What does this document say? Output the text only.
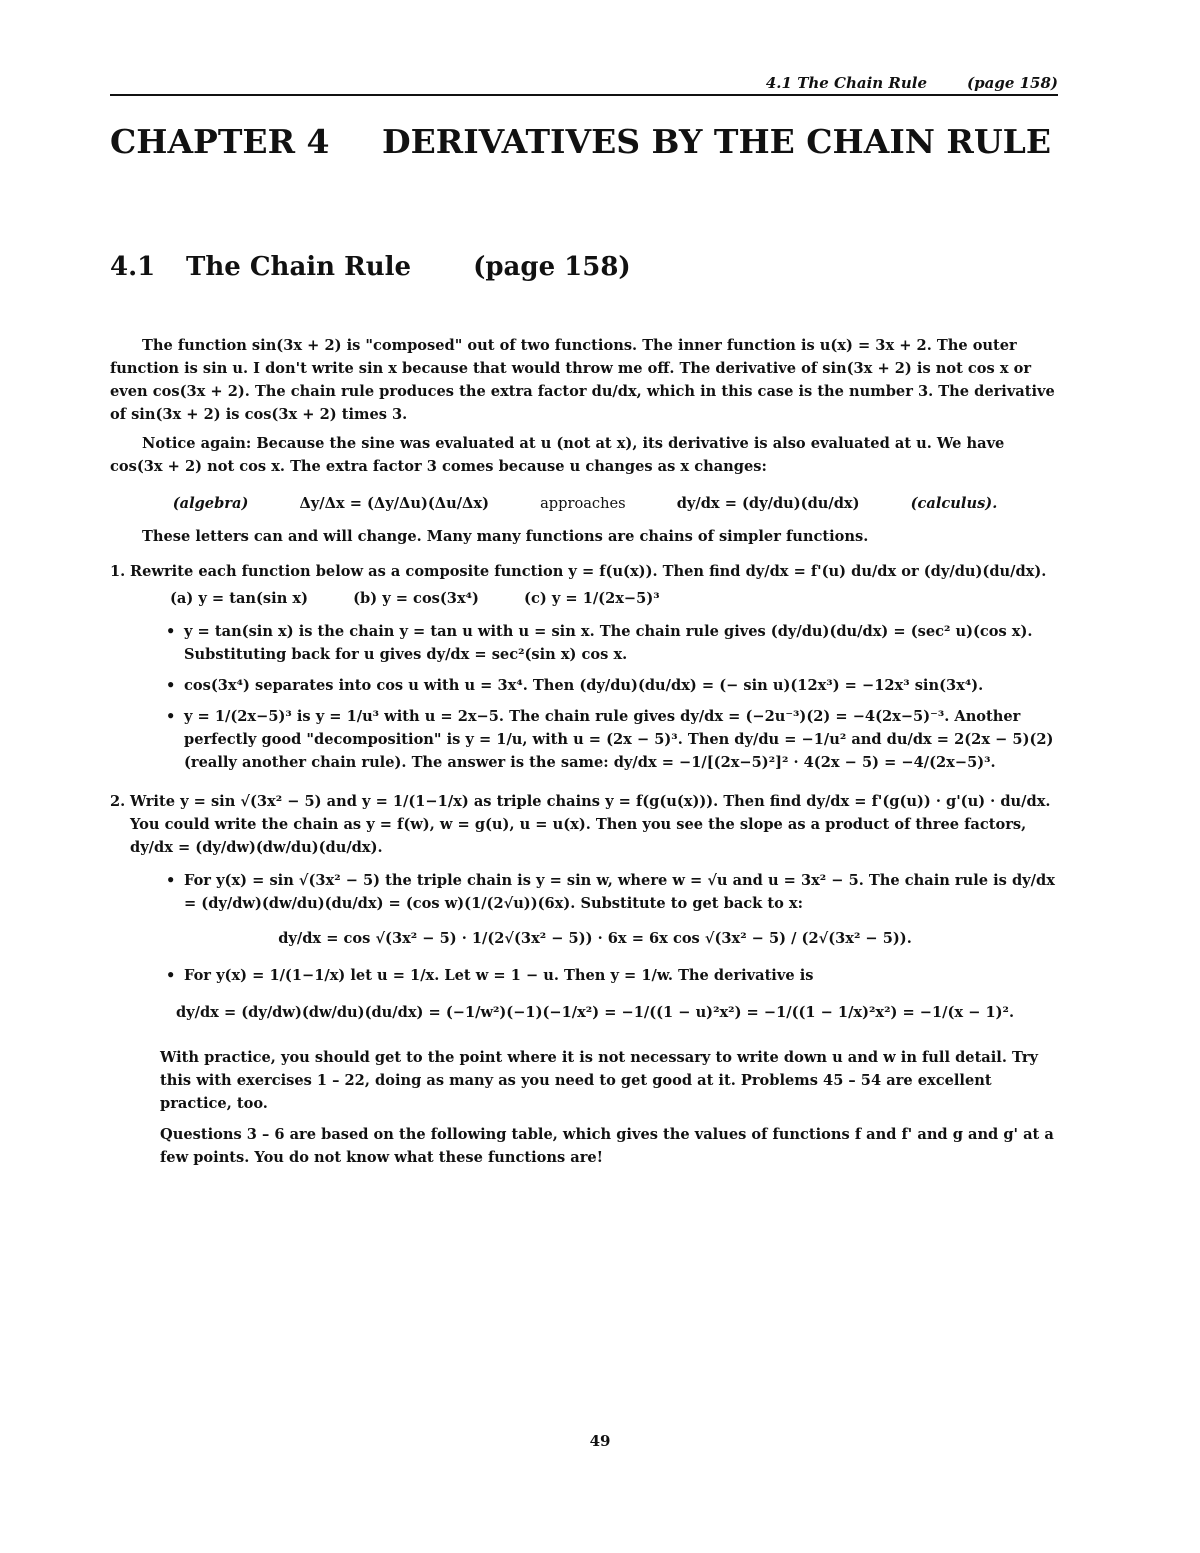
4.1 The Chain Rule	(page 158)
CHAPTER 4 DERIVATIVES BY THE CHAIN RULE
4.1 The Chain Rule (page 158)

The function sin(3x + 2) is "composed" out of two functions. The inner function is u(x) = 3x + 2. The outer function is sin u. I don't write sin x because that would throw me off. The derivative of sin(3x + 2) is not cos x or even cos(3x + 2). The chain rule produces the extra factor du/dx, which in this case is the number 3. The derivative of sin(3x + 2) is cos(3x + 2) times 3.

Notice again: Because the sine was evaluated at u (not at x), its derivative is also evaluated at u. We have cos(3x + 2) not cos x. The extra factor 3 comes because u changes as x changes:

(algebra)	Δy/Δx = (Δy/Δu)(Δu/Δx)	approaches	dy/dx = (dy/du)(du/dx)	(calculus).

These letters can and will change. Many many functions are chains of simpler functions.

1. Rewrite each function below as a composite function y = f(u(x)). Then find dy/dx = f'(u) du/dx or (dy/du)(du/dx).

(a) y = tan(sin x)	(b) y = cos(3x⁴)	(c) y = 1/(2x−5)³
• y = tan(sin x) is the chain y = tan u with u = sin x. The chain rule gives (dy/du)(du/dx) = (sec² u)(cos x). Substituting back for u gives dy/dx = sec²(sin x) cos x.
• cos(3x⁴) separates into cos u with u = 3x⁴. Then (dy/du)(du/dx) = (− sin u)(12x³) = −12x³ sin(3x⁴).
• y = 1/(2x−5)³ is y = 1/u³ with u = 2x−5. The chain rule gives dy/dx = (−2u⁻³)(2) = −4(2x−5)⁻³. Another perfectly good "decomposition" is y = 1/u, with u = (2x − 5)³. Then dy/du = −1/u² and du/dx = 2(2x − 5)(2) (really another chain rule). The answer is the same: dy/dx = −1/[(2x−5)²]² · 4(2x − 5) = −4/(2x−5)³.
2. Write y = sin √(3x² − 5) and y = 1/(1−1/x) as triple chains y = f(g(u(x))). Then find dy/dx = f'(g(u)) · g'(u) · du/dx. You could write the chain as y = f(w), w = g(u), u = u(x). Then you see the slope as a product of three factors, dy/dx = (dy/dw)(dw/du)(du/dx).

• For y(x) = sin √(3x² − 5) the triple chain is y = sin w, where w = √u and u = 3x² − 5. The chain rule is dy/dx = (dy/dw)(dw/du)(du/dx) = (cos w)(1/(2√u))(6x). Substitute to get back to x:
dy/dx = cos √(3x² − 5) · 1/(2√(3x² − 5)) · 6x = 6x cos √(3x² − 5) / (2√(3x² − 5)).
• For y(x) = 1/(1−1/x) let u = 1/x. Let w = 1 − u. Then y = 1/w. The derivative is
dy/dx = (dy/dw)(dw/du)(du/dx) = (−1/w²)(−1)(−1/x²) = −1/((1 − u)²x²) = −1/((1 − 1/x)²x²) = −1/(x − 1)².

With practice, you should get to the point where it is not necessary to write down u and w in full detail. Try this with exercises 1 – 22, doing as many as you need to get good at it. Problems 45 – 54 are excellent practice, too.

Questions 3 – 6 are based on the following table, which gives the values of functions f and f' and g and g' at a few points. You do not know what these functions are!

49
